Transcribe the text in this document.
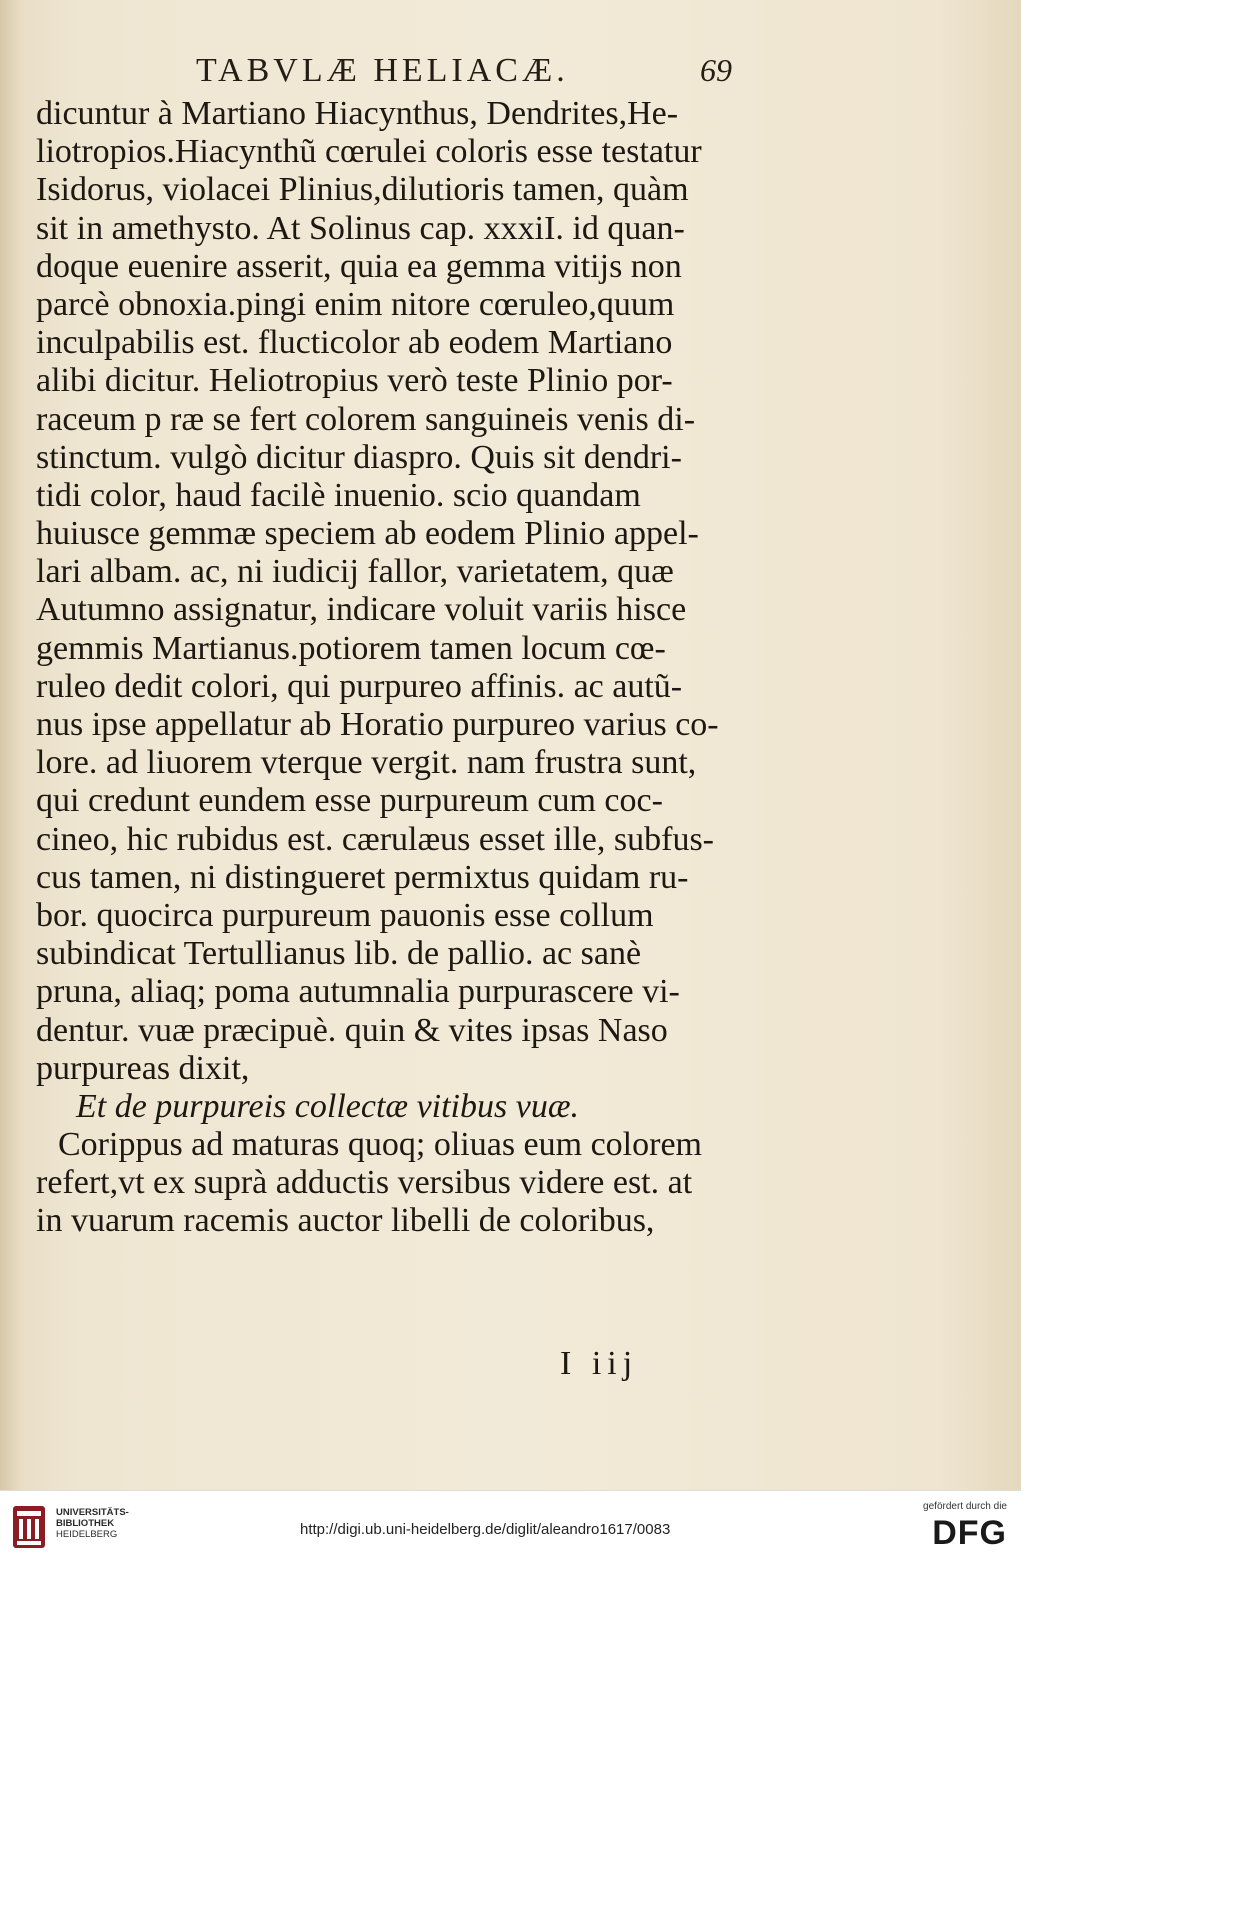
TABVLÆ HELIACÆ.	69
dicuntur à Martiano Hiacynthus, Dendrites,He-
liotropios.Hiacynthũ cœrulei coloris esse testatur
Isidorus, violacei Plinius,dilutioris tamen, quàm
sit in amethysto. At Solinus cap. xxxiI. id quan-
doque euenire asserit, quia ea gemma vitijs non
parcè obnoxia.pingi enim nitore cœruleo,quum
inculpabilis est. flucticolor ab eodem Martiano
alibi dicitur. Heliotropius verò teste Plinio por-
raceum p ræ se fert colorem sanguineis venis di-
stinctum. vulgò dicitur diaspro. Quis sit dendri-
tidi color, haud facilè inuenio. scio quandam
huiusce gemmæ speciem ab eodem Plinio appel-
lari albam. ac, ni iudicij fallor, varietatem, quæ
Autumno assignatur, indicare voluit variis hisce
gemmis Martianus.potiorem tamen locum cœ-
ruleo dedit colori, qui purpureo affinis. ac autũ-
nus ipse appellatur ab Horatio purpureo varius co-
lore. ad liuorem vterque vergit. nam frustra sunt,
qui credunt eundem esse purpureum cum coc-
cineo, hic rubidus est. cærulæus esset ille, subfus-
cus tamen, ni distingueret permixtus quidam ru-
bor. quocirca purpureum pauonis esse collum
subindicat Tertullianus lib. de pallio. ac sanè
pruna, aliaq; poma autumnalia purpurascere vi-
dentur. vuæ præcipuè. quin & vites ipsas Naso
purpureas dixit,
Et de purpureis collectæ vitibus vuæ.
Corippus ad maturas quoq; oliuas eum colorem
refert,vt ex suprà adductis versibus videre est. at
in vuarum racemis auctor libelli de coloribus,
I iij
UNIVERSITÄTS-
BIBLIOTHEK
HEIDELBERG	http://digi.ub.uni-heidelberg.de/diglit/aleandro1617/0083
gefördert durch die
DFG
